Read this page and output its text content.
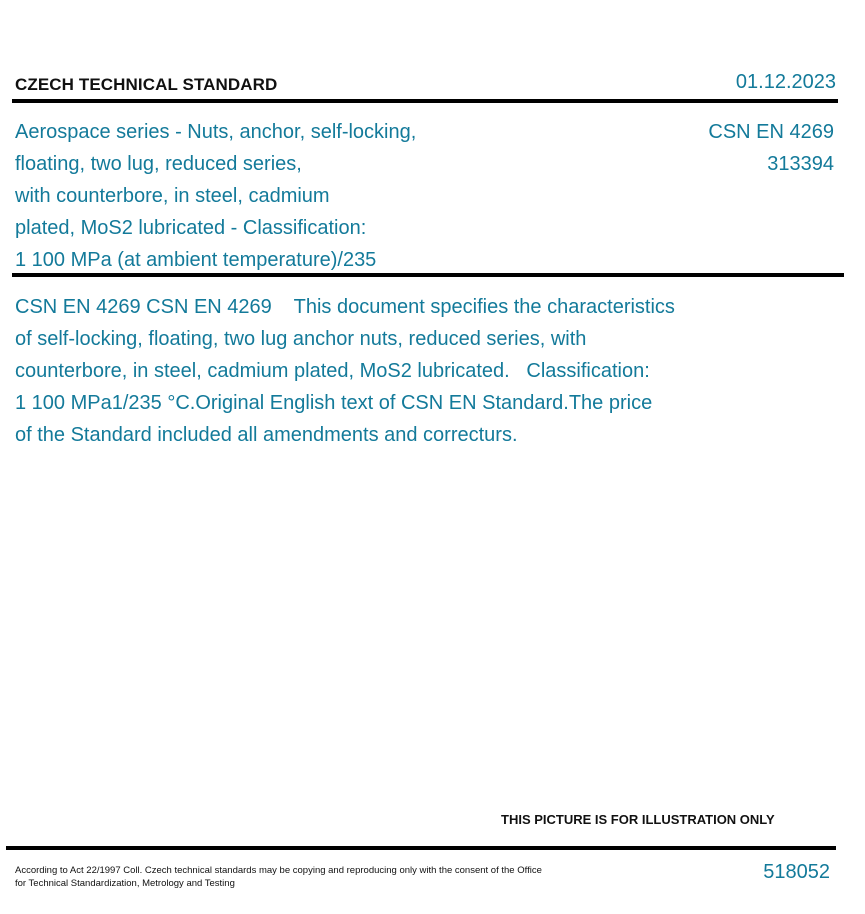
CZECH TECHNICAL STANDARD	01.12.2023
Aerospace series - Nuts, anchor, self-locking,
floating, two lug, reduced series,
with counterbore, in steel, cadmium
plated, MoS2 lubricated - Classification:
1 100 MPa (at ambient temperature)/235
CSN EN 4269
313394
CSN EN 4269 CSN EN 4269    This document specifies the characteristics
of self-locking, floating, two lug anchor nuts, reduced series, with
counterbore, in steel, cadmium plated, MoS2 lubricated.   Classification:
1 100 MPa1/235 °C.Original English text of CSN EN Standard.The price
of the Standard included all amendments and correcturs.
THIS PICTURE IS FOR ILLUSTRATION ONLY
According to Act 22/1997 Coll. Czech technical standards may be copying and reproducing only with the consent of the Office
for Technical Standardization, Metrology and Testing
518052
